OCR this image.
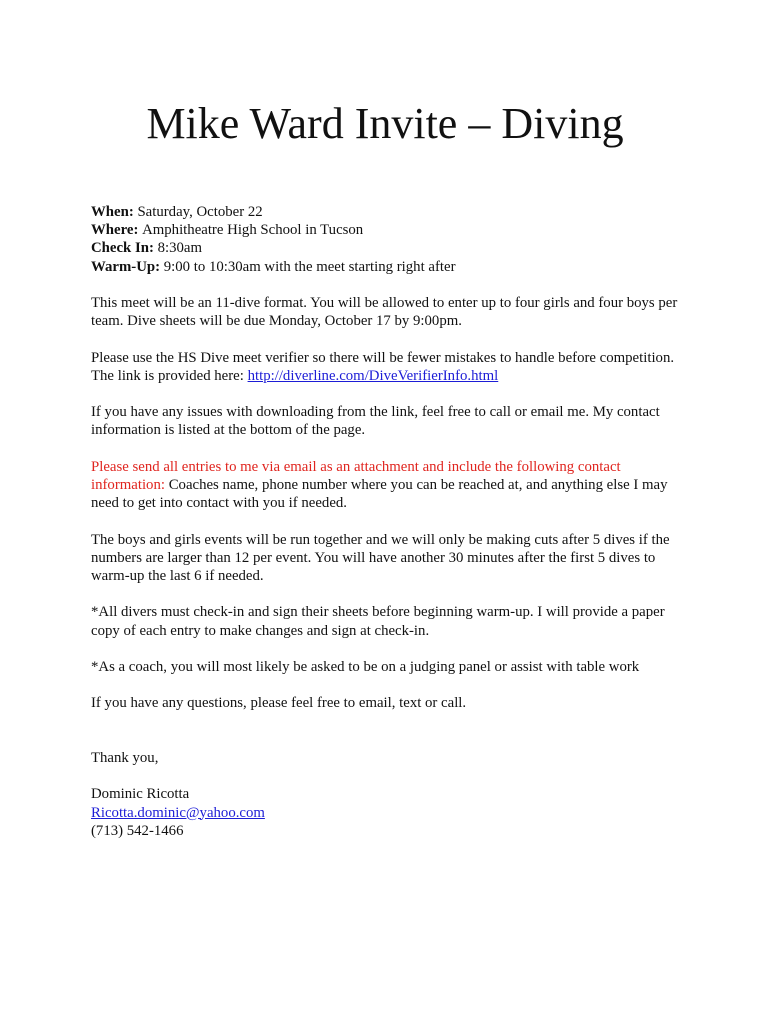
Mike Ward Invite – Diving

When: Saturday, October 22

Where: Amphitheatre High School in Tucson

Check In: 8:30am

Warm-Up: 9:00 to 10:30am with the meet starting right after

This meet will be an 11-dive format. You will be allowed to enter up to four girls and four boys per team. Dive sheets will be due Monday, October 17 by 9:00pm.

Please use the HS Dive meet verifier so there will be fewer mistakes to handle before competition. The link is provided here: http://diverline.com/DiveVerifierInfo.html

If you have any issues with downloading from the link, feel free to call or email me. My contact information is listed at the bottom of the page.

Please send all entries to me via email as an attachment and include the following contact information: Coaches name, phone number where you can be reached at, and anything else I may need to get into contact with you if needed.

The boys and girls events will be run together and we will only be making cuts after 5 dives if the numbers are larger than 12 per event. You will have another 30 minutes after the first 5 dives to warm-up the last 6 if needed.

*All divers must check-in and sign their sheets before beginning warm-up. I will provide a paper copy of each entry to make changes and sign at check-in.

*As a coach, you will most likely be asked to be on a judging panel or assist with table work

If you have any questions, please feel free to email, text or call.

Thank you,

Dominic Ricotta

Ricotta.dominic@yahoo.com

(713) 542-1466
